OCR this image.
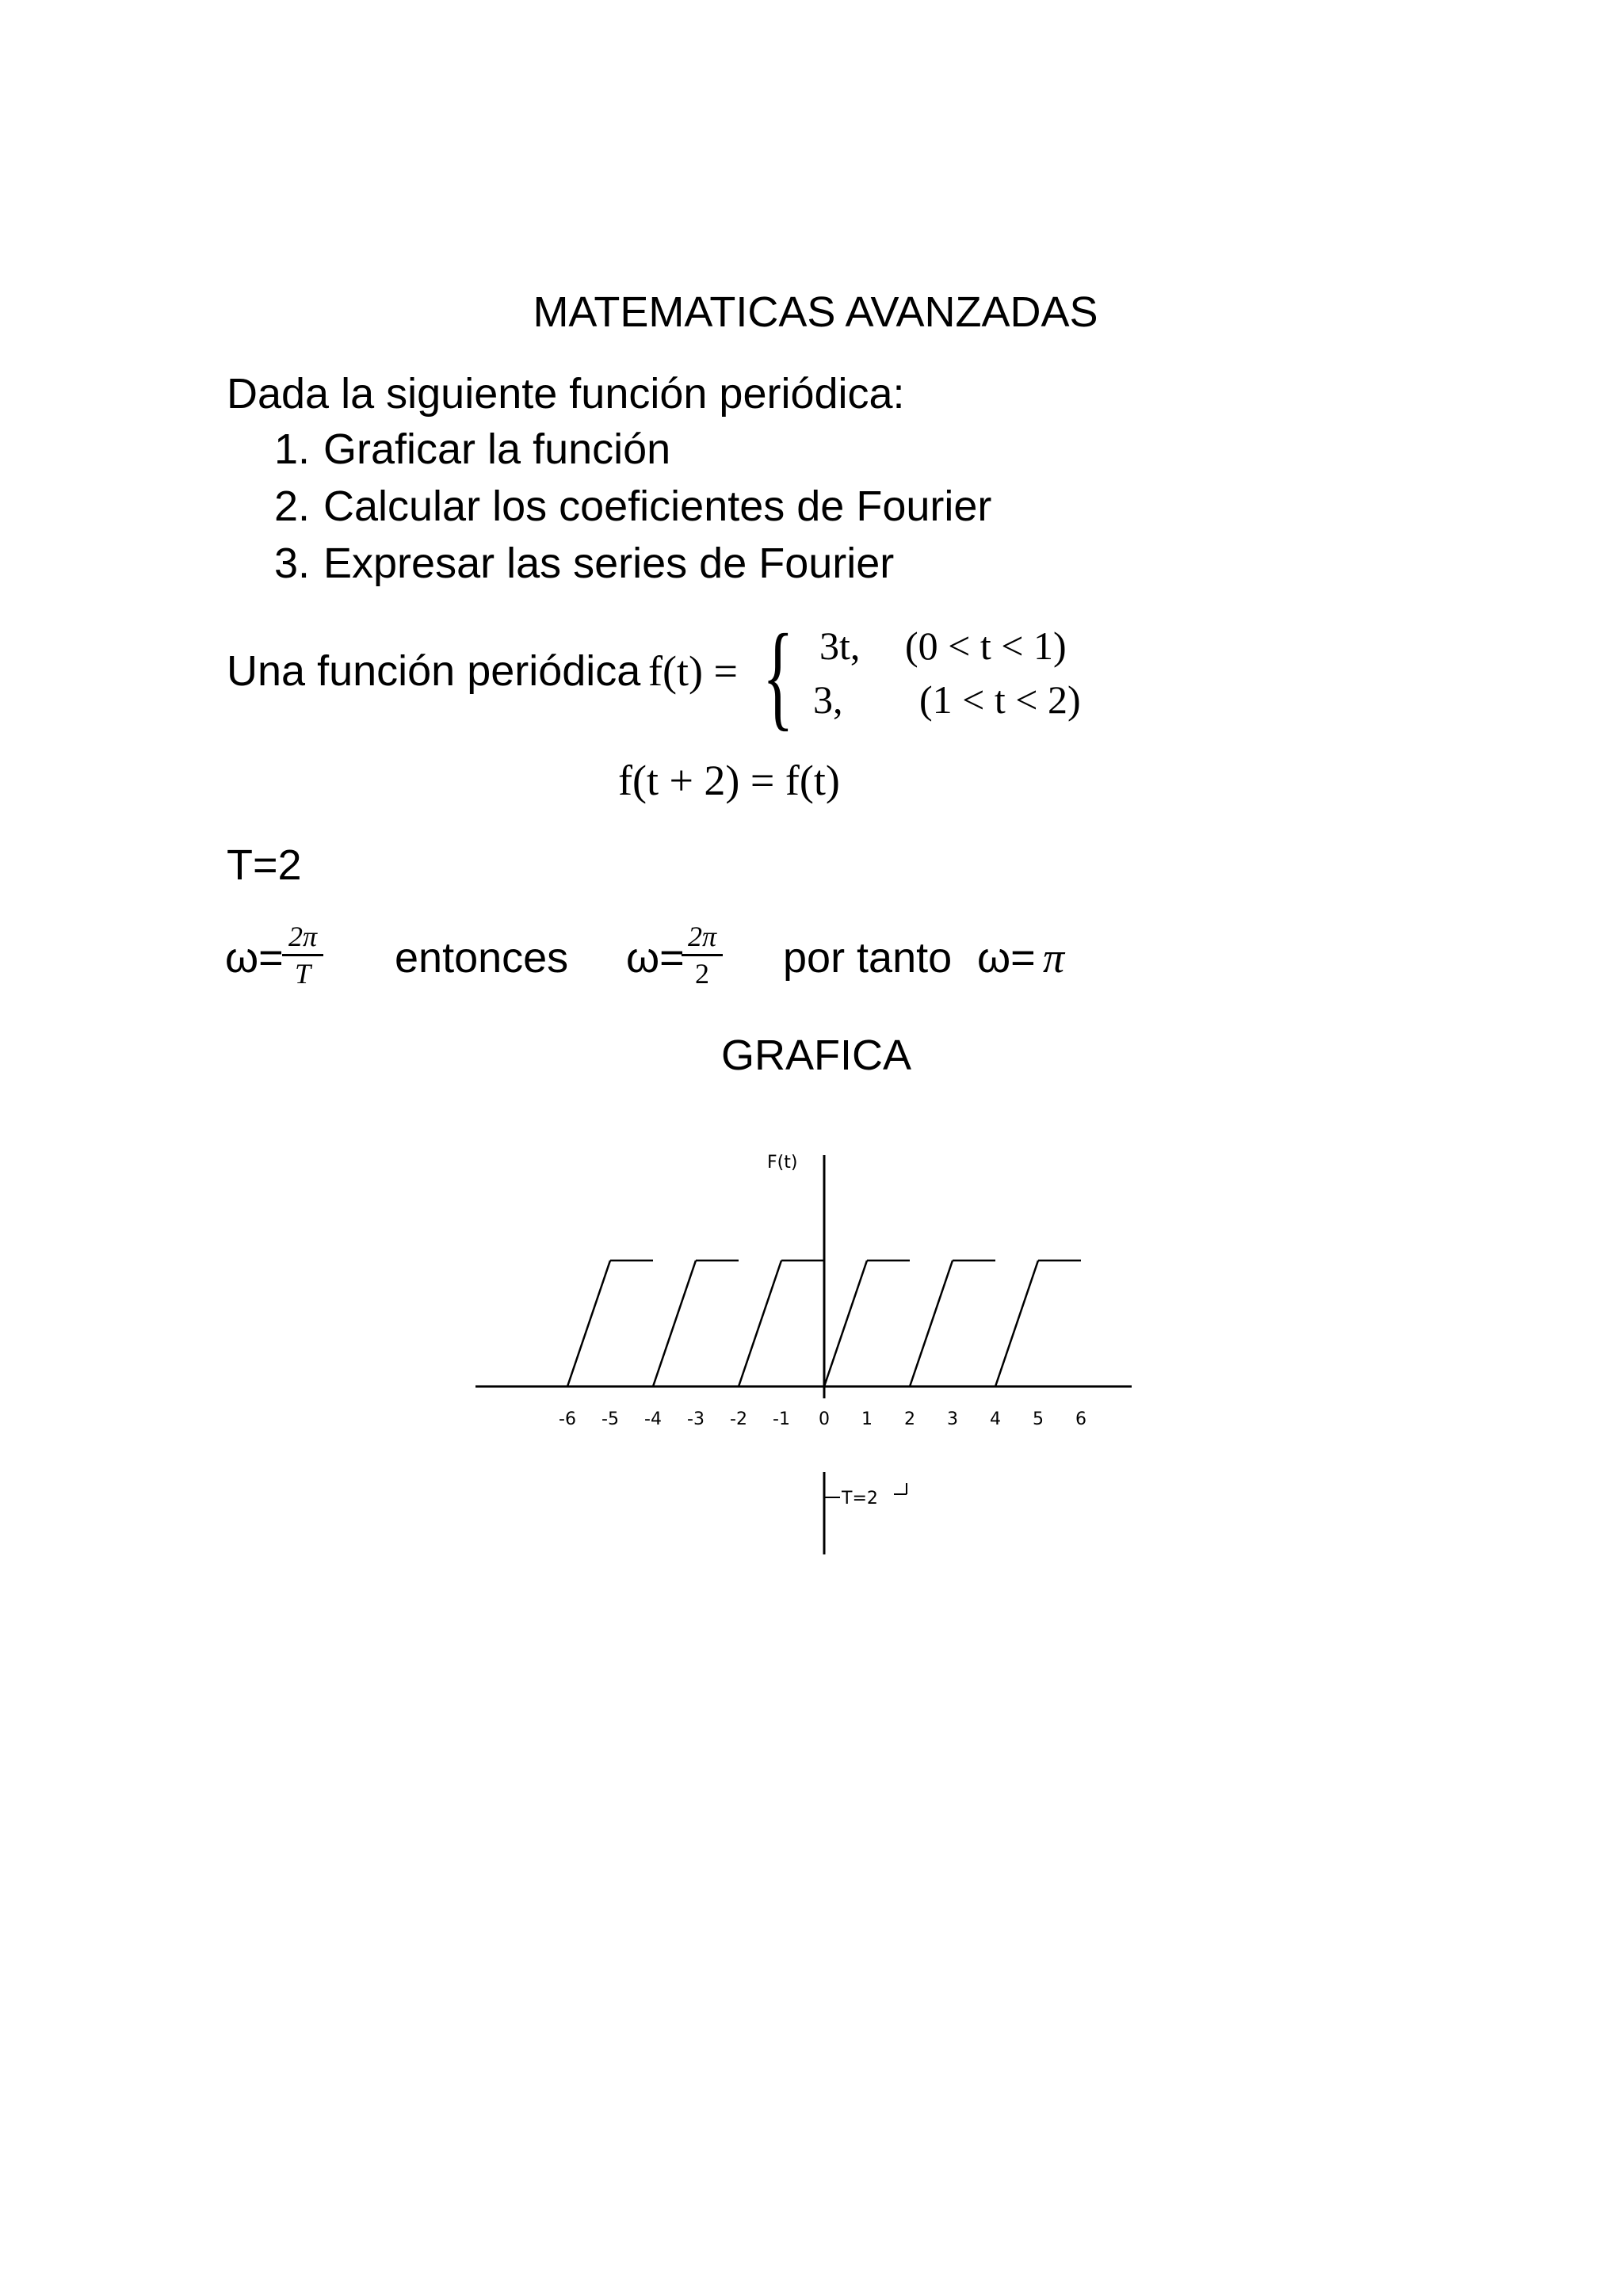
MATEMATICAS AVANZADAS
Dada la siguiente función periódica:
1. Graficar la función
2. Calcular los coeficientes de Fourier
3. Expresar las series de Fourier
Una función periódica f(t) = { 3t, (0 < t < 1)
3, (1 < t < 2)
f(t + 2) = f(t)
T=2
ω= 2π
T entonces ω= 2π
2	por tanto ω= π
GRAFICA
F(t)
-6 -5 -4 -3 -2 -1 0 1 2 3 4 5 6
T=2
